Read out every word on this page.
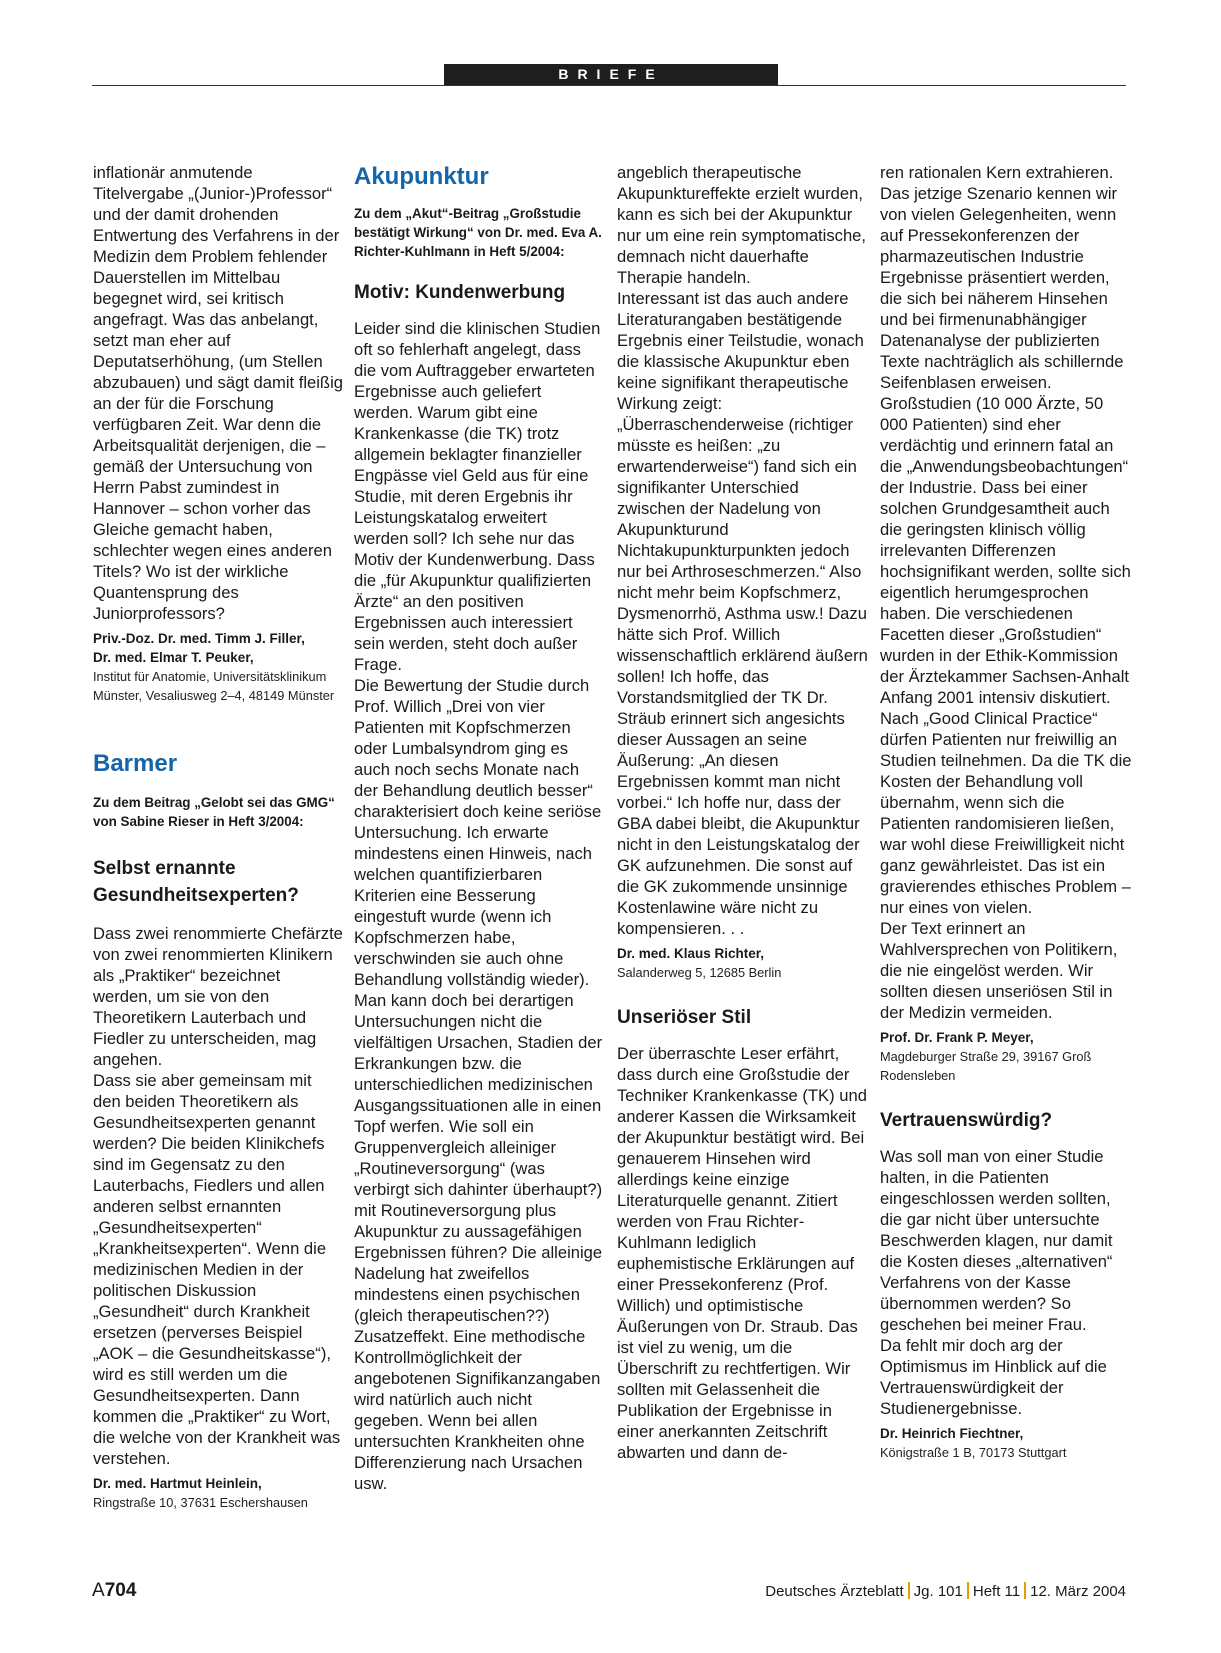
BRIEFE

inflationär anmutende Titelvergabe „(Junior-)Professor“ und der damit drohenden Entwertung des Verfahrens in der Medizin dem Problem fehlender Dauerstellen im Mittelbau begegnet wird, sei kritisch angefragt. Was das anbelangt, setzt man eher auf Deputatserhöhung, (um Stellen abzubauen) und sägt damit fleißig an der für die Forschung verfügbaren Zeit. War denn die Arbeitsqualität derjenigen, die – gemäß der Untersuchung von Herrn Pabst zumindest in Hannover – schon vorher das Gleiche gemacht haben, schlechter wegen eines anderen Titels? Wo ist der wirkliche Quantensprung des Juniorprofessors?

Priv.-Doz. Dr. med. Timm J. Filler,

Dr. med. Elmar T. Peuker,

Institut für Anatomie, Universitätsklinikum Münster, Vesaliusweg 2–4, 48149 Münster

Barmer

Zu dem Beitrag „Gelobt sei das GMG“ von Sabine Rieser in Heft 3/2004:

Selbst ernannte Gesundheitsexperten?

Dass zwei renommierte Chefärzte von zwei renommierten Klinikern als „Praktiker“ bezeichnet werden, um sie von den Theoretikern Lauterbach und Fiedler zu unterscheiden, mag angehen.
Dass sie aber gemeinsam mit den beiden Theoretikern als Gesundheitsexperten genannt werden? Die beiden Klinikchefs sind im Gegensatz zu den Lauterbachs, Fiedlers und allen anderen selbst ernannten „Gesundheitsexperten“ „Krankheitsexperten“. Wenn die medizinischen Medien in der politischen Diskussion „Gesundheit“ durch Krankheit ersetzen (perverses Beispiel „AOK – die Gesundheitskasse“), wird es still werden um die Gesundheitsexperten. Dann kommen die „Praktiker“ zu Wort, die welche von der Krankheit was verstehen.

Dr. med. Hartmut Heinlein,

Ringstraße 10, 37631 Eschershausen

Akupunktur

Zu dem „Akut“-Beitrag „Großstudie bestätigt Wirkung“ von Dr. med. Eva A. Richter-Kuhlmann in Heft 5/2004:

Motiv: Kundenwerbung

Leider sind die klinischen Studien oft so fehlerhaft angelegt, dass die vom Auftraggeber erwarteten Ergebnisse auch geliefert werden. Warum gibt eine Krankenkasse (die TK) trotz allgemein beklagter finanzieller Engpässe viel Geld aus für eine Studie, mit deren Ergebnis ihr Leistungskatalog erweitert werden soll? Ich sehe nur das Motiv der Kundenwerbung. Dass die „für Akupunktur qualifizierten Ärzte“ an den positiven Ergebnissen auch interessiert sein werden, steht doch außer Frage.
Die Bewertung der Studie durch Prof. Willich „Drei von vier Patienten mit Kopfschmerzen oder Lumbalsyndrom ging es auch noch sechs Monate nach der Behandlung deutlich besser“ charakterisiert doch keine seriöse Untersuchung. Ich erwarte mindestens einen Hinweis, nach welchen quantifizierbaren Kriterien eine Besserung eingestuft wurde (wenn ich Kopfschmerzen habe, verschwinden sie auch ohne Behandlung vollständig wieder). Man kann doch bei derartigen Untersuchungen nicht die vielfältigen Ursachen, Stadien der Erkrankungen bzw. die unterschiedlichen medizinischen Ausgangssituationen alle in einen Topf werfen. Wie soll ein Gruppenvergleich alleiniger „Routineversorgung“ (was verbirgt sich dahinter überhaupt?) mit Routineversorgung plus Akupunktur zu aussagefähigen Ergebnissen führen? Die alleinige Nadelung hat zweifellos mindestens einen psychischen (gleich therapeutischen??) Zusatzeffekt. Eine methodische Kontrollmöglichkeit der angebotenen Signifikanzangaben wird natürlich auch nicht gegeben. Wenn bei allen untersuchten Krankheiten ohne Differenzierung nach Ursachen usw.

angeblich therapeutische Akupunktureffekte erzielt wurden, kann es sich bei der Akupunktur nur um eine rein symptomatische, demnach nicht dauerhafte Therapie handeln.
Interessant ist das auch andere Literaturangaben bestätigende Ergebnis einer Teilstudie, wonach die klassische Akupunktur eben keine signifikant therapeutische Wirkung zeigt: „Überraschenderweise (richtiger müsste es heißen: „zu erwartenderweise“) fand sich ein signifikanter Unterschied zwischen der Nadelung von Akupunkturund Nichtakupunkturpunkten jedoch nur bei Arthroseschmerzen.“ Also nicht mehr beim Kopfschmerz, Dysmenorrhö, Asthma usw.! Dazu hätte sich Prof. Willich wissenschaftlich erklärend äußern sollen! Ich hoffe, das Vorstandsmitglied der TK Dr. Sträub erinnert sich angesichts dieser Aussagen an seine Äußerung: „An diesen Ergebnissen kommt man nicht vorbei.“ Ich hoffe nur, dass der GBA dabei bleibt, die Akupunktur nicht in den Leistungskatalog der GK aufzunehmen. Die sonst auf die GK zukommende unsinnige Kostenlawine wäre nicht zu kompensieren. . .

Dr. med. Klaus Richter,

Salanderweg 5, 12685 Berlin

Unseriöser Stil

Der überraschte Leser erfährt, dass durch eine Großstudie der Techniker Krankenkasse (TK) und anderer Kassen die Wirksamkeit der Akupunktur bestätigt wird. Bei genauerem Hinsehen wird allerdings keine einzige Literaturquelle genannt. Zitiert werden von Frau Richter-Kuhlmann lediglich euphemistische Erklärungen auf einer Pressekonferenz (Prof. Willich) und optimistische Äußerungen von Dr. Straub. Das ist viel zu wenig, um die Überschrift zu rechtfertigen. Wir sollten mit Gelassenheit die Publikation der Ergebnisse in einer anerkannten Zeitschrift abwarten und dann de-

ren rationalen Kern extrahieren. Das jetzige Szenario kennen wir von vielen Gelegenheiten, wenn auf Pressekonferenzen der pharmazeutischen Industrie Ergebnisse präsentiert werden, die sich bei näherem Hinsehen und bei firmenunabhängiger Datenanalyse der publizierten Texte nachträglich als schillernde Seifenblasen erweisen.
Großstudien (10 000 Ärzte, 50 000 Patienten) sind eher verdächtig und erinnern fatal an die „Anwendungsbeobachtungen“ der Industrie. Dass bei einer solchen Grundgesamtheit auch die geringsten klinisch völlig irrelevanten Differenzen hochsignifikant werden, sollte sich eigentlich herumgesprochen haben. Die verschiedenen Facetten dieser „Großstudien“ wurden in der Ethik-Kommission der Ärztekammer Sachsen-Anhalt Anfang 2001 intensiv diskutiert. Nach „Good Clinical Practice“ dürfen Patienten nur freiwillig an Studien teilnehmen. Da die TK die Kosten der Behandlung voll übernahm, wenn sich die Patienten randomisieren ließen, war wohl diese Freiwilligkeit nicht ganz gewährleistet. Das ist ein gravierendes ethisches Problem – nur eines von vielen.
Der Text erinnert an Wahlversprechen von Politikern, die nie eingelöst werden. Wir sollten diesen unseriösen Stil in der Medizin vermeiden.

Prof. Dr. Frank P. Meyer,

Magdeburger Straße 29, 39167 Groß Rodensleben

Vertrauenswürdig?

Was soll man von einer Studie halten, in die Patienten eingeschlossen werden sollten, die gar nicht über untersuchte Beschwerden klagen, nur damit die Kosten dieses „alternativen“ Verfahrens von der Kasse übernommen werden? So geschehen bei meiner Frau.
Da fehlt mir doch arg der Optimismus im Hinblick auf die Vertrauenswürdigkeit der Studienergebnisse.

Dr. Heinrich Fiechtner,

Königstraße 1 B, 70173 Stuttgart

A704	Deutsches Ärzteblatt Jg. 101 Heft 11 12. März 2004
